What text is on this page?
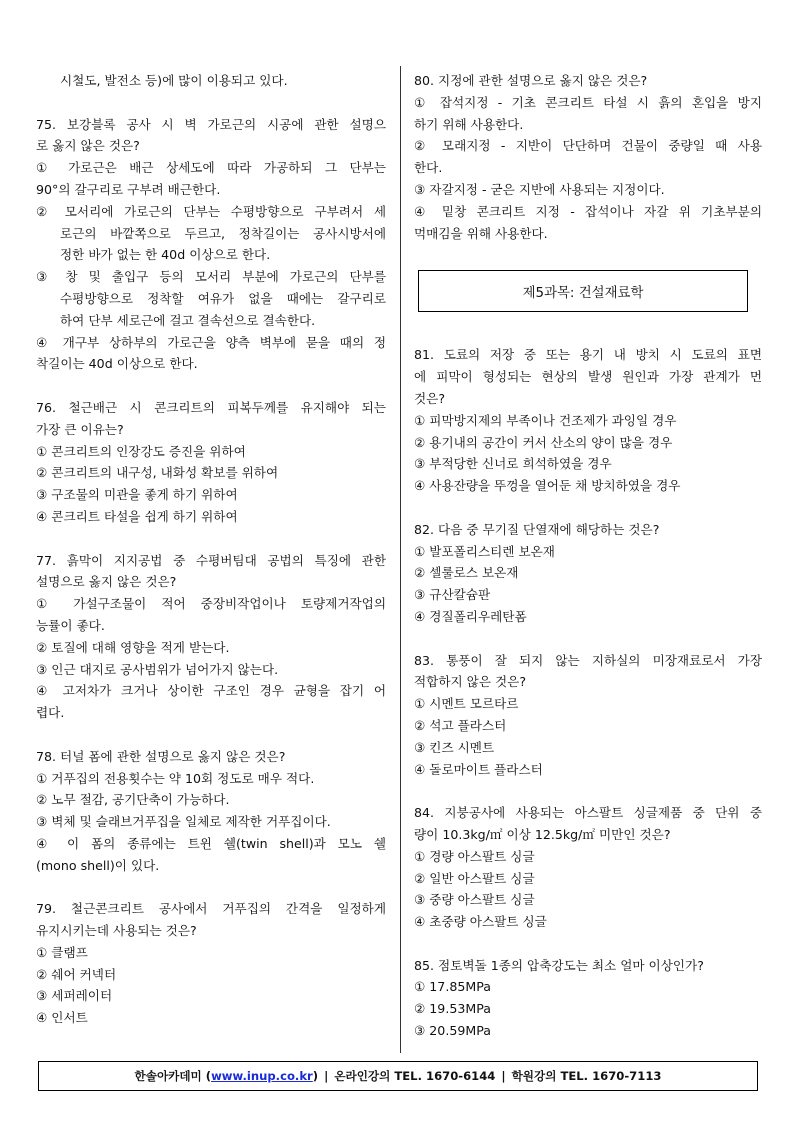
시철도, 발전소 등)에 많이 이용되고 있다.

75. 보강블록 공사 시 벽 가로근의 시공에 관한 설명으

로 옳지 않은 것은?

① 가로근은 배근 상세도에 따라 가공하되 그 단부는

90°의 갈구리로 구부려 배근한다.

② 모서리에 가로근의 단부는 수평방향으로 구부려서 세

로근의 바깥쪽으로 두르고, 정착길이는 공사시방서에

정한 바가 없는 한 40d 이상으로 한다.

③ 창 및 출입구 등의 모서리 부분에 가로근의 단부를

수평방향으로 정착할 여유가 없을 때에는 갈구리로

하여 단부 세로근에 걸고 결속선으로 결속한다.

④ 개구부 상하부의 가로근을 양측 벽부에 묻을 때의 정

착길이는 40d 이상으로 한다.

76. 철근배근 시 콘크리트의 피복두께를 유지해야 되는

가장 큰 이유는?

① 콘크리트의 인장강도 증진을 위하여

② 콘크리트의 내구성, 내화성 확보를 위하여

③ 구조물의 미관을 좋게 하기 위하여

④ 콘크리트 타설을 쉽게 하기 위하여

77. 흙막이 지지공법 중 수평버팀대 공법의 특징에 관한

설명으로 옳지 않은 것은?

① 가설구조물이 적어 중장비작업이나 토량제거작업의

능률이 좋다.

② 토질에 대해 영향을 적게 받는다.

③ 인근 대지로 공사범위가 넘어가지 않는다.

④ 고저차가 크거나 상이한 구조인 경우 균형을 잡기 어

렵다.

78. 터널 폼에 관한 설명으로 옳지 않은 것은?

① 거푸집의 전용횟수는 약 10회 정도로 매우 적다.

② 노무 절감, 공기단축이 가능하다.

③ 벽체 및 슬래브거푸집을 일체로 제작한 거푸집이다.

④ 이 폼의 종류에는 트윈 쉘(twin shell)과 모노 쉘

(mono shell)이 있다.

79. 철근콘크리트 공사에서 거푸집의 간격을 일정하게

유지시키는데 사용되는 것은?

① 클램프

② 쉐어 커넥터

③ 세퍼레이터

④ 인서트

80. 지정에 관한 설명으로 옳지 않은 것은?

① 잡석지정 - 기초 콘크리트 타설 시 흙의 혼입을 방지

하기 위해 사용한다.

② 모래지정 - 지반이 단단하며 건물이 중량일 때 사용

한다.

③ 자갈지정 - 굳은 지반에 사용되는 지정이다.

④ 밑창 콘크리트 지정 - 잡석이나 자갈 위 기초부분의

먹매김을 위해 사용한다.

제5과목: 건설재료학

81. 도료의 저장 중 또는 용기 내 방치 시 도료의 표면

에 피막이 형성되는 현상의 발생 원인과 가장 관계가 먼

것은?

① 피막방지제의 부족이나 건조제가 과잉일 경우

② 용기내의 공간이 커서 산소의 양이 많을 경우

③ 부적당한 신너로 희석하였을 경우

④ 사용잔량을 뚜껑을 열어둔 채 방치하였을 경우

82. 다음 중 무기질 단열재에 해당하는 것은?

① 발포폴리스티렌 보온재

② 셀룰로스 보온재

③ 규산칼슘판

④ 경질폴리우레탄폼

83. 통풍이 잘 되지 않는 지하실의 미장재료로서 가장

적합하지 않은 것은?

① 시멘트 모르타르

② 석고 플라스터

③ 킨즈 시멘트

④ 돌로마이트 플라스터

84. 지붕공사에 사용되는 아스팔트 싱글제품 중 단위 중

량이 10.3kg/㎡ 이상 12.5kg/㎡ 미만인 것은?

① 경량 아스팔트 싱글

② 일반 아스팔트 싱글

③ 중량 아스팔트 싱글

④ 초중량 아스팔트 싱글

85. 점토벽돌 1종의 압축강도는 최소 얼마 이상인가?

① 17.85MPa

② 19.53MPa

③ 20.59MPa

한솔아카데미 ( www.inup.co.kr ) | 온라인강의 TEL. 1670-6144 | 학원강의 TEL. 1670-7113
